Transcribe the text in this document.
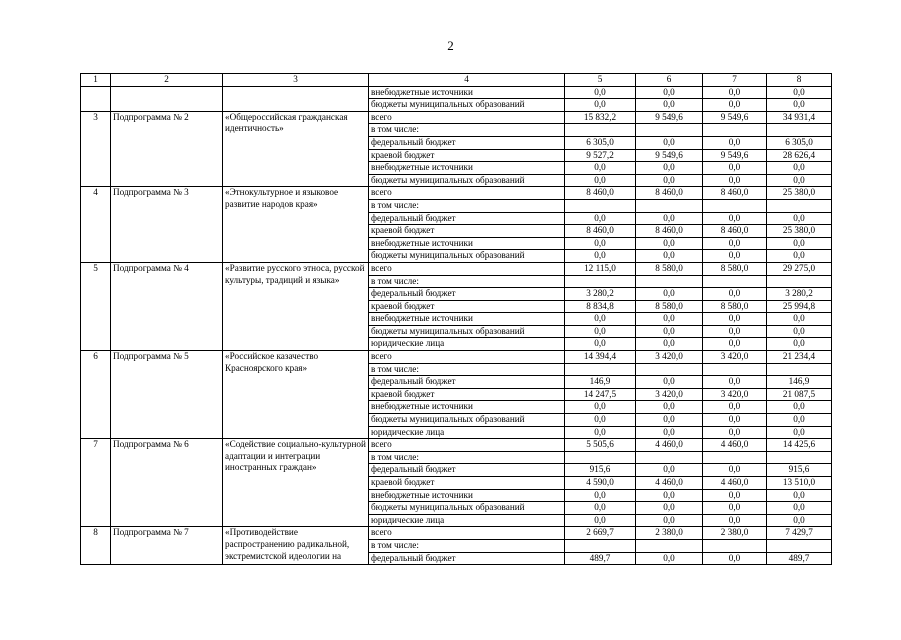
2
1	2	3	4	5	6	7	8
			внебюджетные источники	0,0	0,0	0,0	0,0
			бюджеты муниципальных образований	0,0	0,0	0,0	0,0
3	Подпрограмма № 2	«Общероссийская гражданская идентичность»	всего	15 832,2	9 549,6	9 549,6	34 931,4
			в том числе:				
			федеральный бюджет	6 305,0	0,0	0,0	6 305,0
			краевой бюджет	9 527,2	9 549,6	9 549,6	28 626,4
			внебюджетные источники	0,0	0,0	0,0	0,0
			бюджеты муниципальных образований	0,0	0,0	0,0	0,0
4	Подпрограмма № 3	«Этнокультурное и языковое развитие народов края»	всего	8 460,0	8 460,0	8 460,0	25 380,0
			в том числе:				
			федеральный бюджет	0,0	0,0	0,0	0,0
			краевой бюджет	8 460,0	8 460,0	8 460,0	25 380,0
			внебюджетные источники	0,0	0,0	0,0	0,0
			бюджеты муниципальных образований	0,0	0,0	0,0	0,0
5	Подпрограмма № 4	«Развитие русского этноса, русской культуры, традиций и языка»	всего	12 115,0	8 580,0	8 580,0	29 275,0
			в том числе:				
			федеральный бюджет	3 280,2	0,0	0,0	3 280,2
			краевой бюджет	8 834,8	8 580,0	8 580,0	25 994,8
			внебюджетные источники	0,0	0,0	0,0	0,0
			бюджеты муниципальных образований	0,0	0,0	0,0	0,0
			юридические лица	0,0	0,0	0,0	0,0
6	Подпрограмма № 5	«Российское казачество Красноярского края»	всего	14 394,4	3 420,0	3 420,0	21 234,4
			в том числе:				
			федеральный бюджет	146,9	0,0	0,0	146,9
			краевой бюджет	14 247,5	3 420,0	3 420,0	21 087,5
			внебюджетные источники	0,0	0,0	0,0	0,0
			бюджеты муниципальных образований	0,0	0,0	0,0	0,0
			юридические лица	0,0	0,0	0,0	0,0
7	Подпрограмма № 6	«Содействие социально-культурной адаптации и интеграции иностранных граждан»	всего	5 505,6	4 460,0	4 460,0	14 425,6
			в том числе:				
			федеральный бюджет	915,6	0,0	0,0	915,6
			краевой бюджет	4 590,0	4 460,0	4 460,0	13 510,0
			внебюджетные источники	0,0	0,0	0,0	0,0
			бюджеты муниципальных образований	0,0	0,0	0,0	0,0
			юридические лица	0,0	0,0	0,0	0,0
8	Подпрограмма № 7	«Противодействие распространению радикальной, экстремистской идеологии на	всего	2 669,7	2 380,0	2 380,0	7 429,7
			в том числе:				
			федеральный бюджет	489,7	0,0	0,0	489,7
